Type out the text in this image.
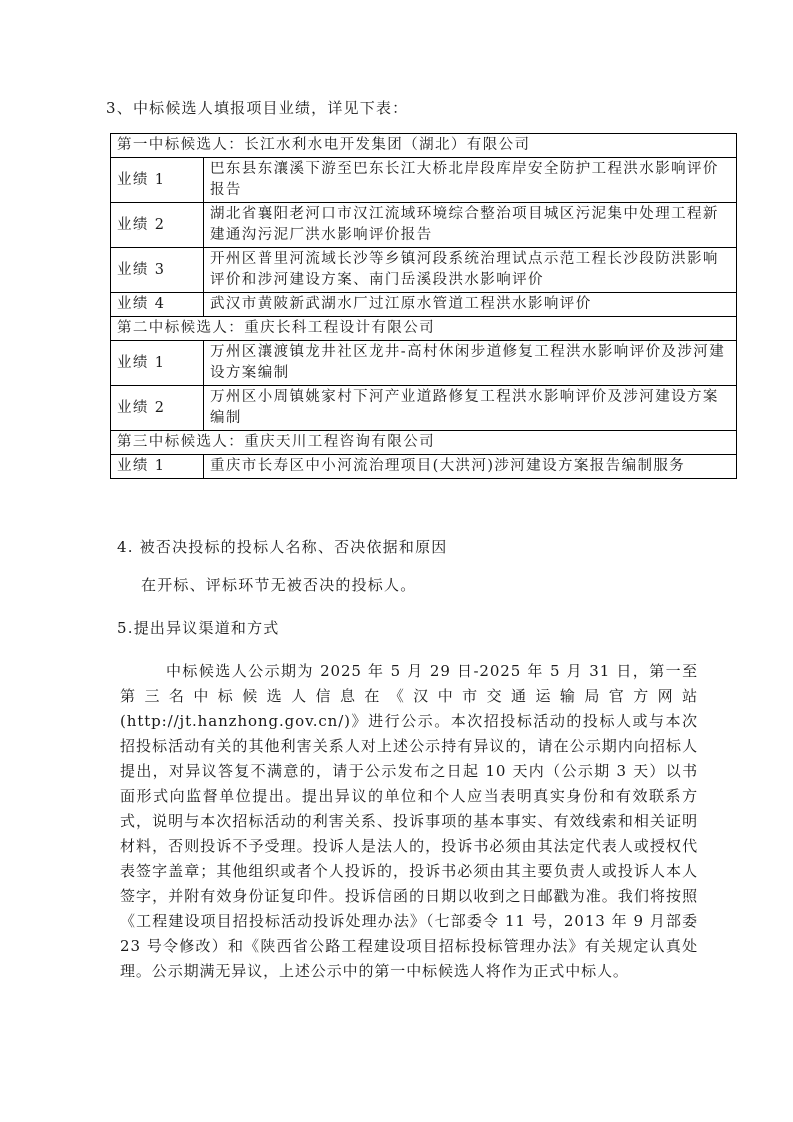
3、中标候选人填报项目业绩，详见下表：
第一中标候选人：长江水利水电开发集团（湖北）有限公司	
业绩 1	巴东县东瀼溪下游至巴东长江大桥北岸段库岸安全防护工程洪水影响评价报告
业绩 2	湖北省襄阳老河口市汉江流域环境综合整治项目城区污泥集中处理工程新建通沟污泥厂洪水影响评价报告
业绩 3	开州区普里河流域长沙等乡镇河段系统治理试点示范工程长沙段防洪影响评价和涉河建设方案、南门岳溪段洪水影响评价
业绩 4	武汉市黄陂新武湖水厂过江原水管道工程洪水影响评价
第二中标候选人：重庆长科工程设计有限公司	
业绩 1	万州区瀼渡镇龙井社区龙井-高村休闲步道修复工程洪水影响评价及涉河建设方案编制
业绩 2	万州区小周镇姚家村下河产业道路修复工程洪水影响评价及涉河建设方案编制
第三中标候选人：重庆天川工程咨询有限公司	
业绩 1	重庆市长寿区中小河流治理项目(大洪河)涉河建设方案报告编制服务
4. 被否决投标的投标人名称、否决依据和原因
在开标、评标环节无被否决的投标人。
5.提出异议渠道和方式
中标候选人公示期为 2025 年 5 月 29 日-2025 年 5 月 31 日，第一至第三名中标候选人信息在《汉中市交通运输局官方网站(http://jt.hanzhong.gov.cn/)》进行公示。本次招投标活动的投标人或与本次招投标活动有关的其他利害关系人对上述公示持有异议的，请在公示期内向招标人提出，对异议答复不满意的，请于公示发布之日起 10 天内（公示期 3 天）以书面形式向监督单位提出。提出异议的单位和个人应当表明真实身份和有效联系方式，说明与本次招标活动的利害关系、投诉事项的基本事实、有效线索和相关证明材料，否则投诉不予受理。投诉人是法人的，投诉书必须由其法定代表人或授权代表签字盖章；其他组织或者个人投诉的，投诉书必须由其主要负责人或投诉人本人签字，并附有效身份证复印件。投诉信函的日期以收到之日邮戳为准。我们将按照《工程建设项目招投标活动投诉处理办法》（七部委令 11 号，2013 年 9 月部委 23 号令修改）和《陕西省公路工程建设项目招标投标管理办法》有关规定认真处理。公示期满无异议，上述公示中的第一中标候选人将作为正式中标人。
